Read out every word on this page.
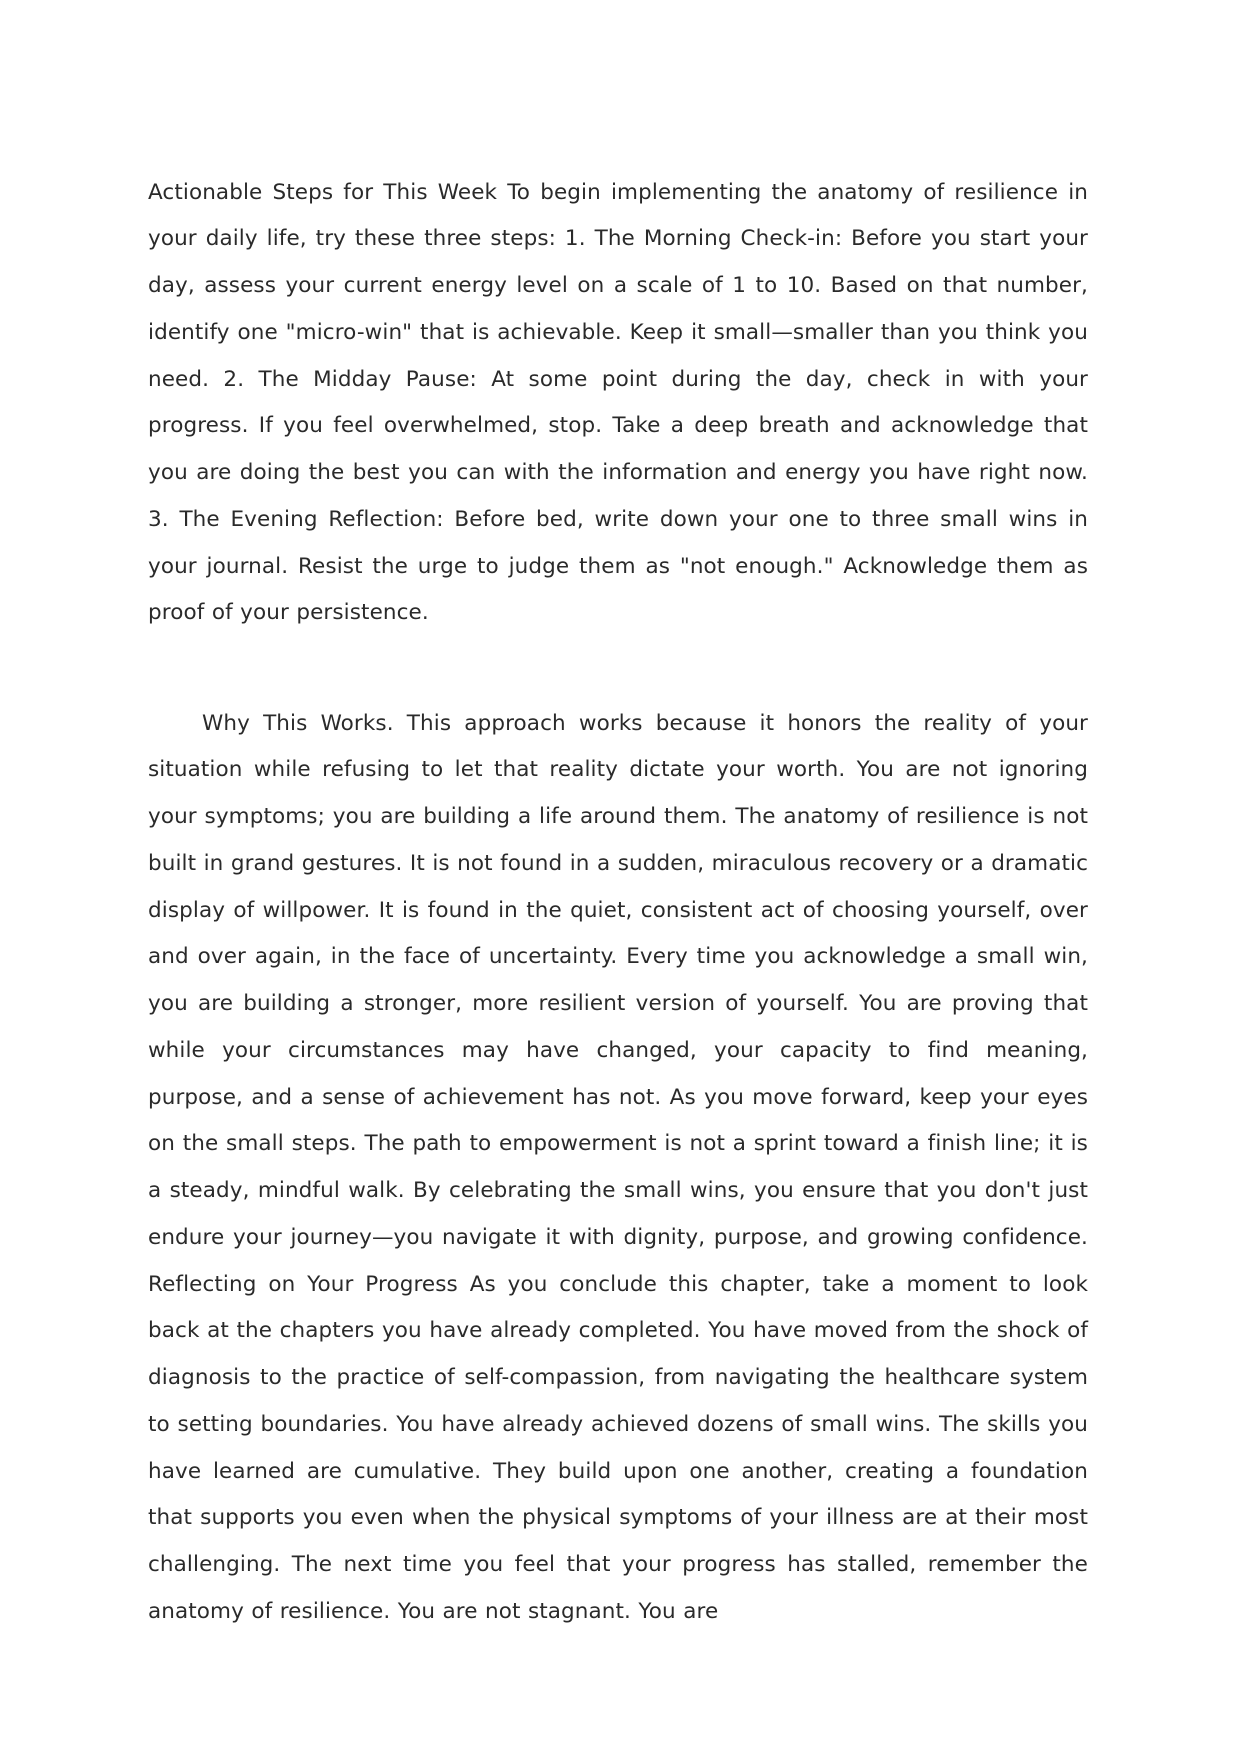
Actionable Steps for This Week To begin implementing the anatomy of resilience in your daily life, try these three steps: 1. The Morning Check-in: Before you start your day, assess your current energy level on a scale of 1 to 10. Based on that number, identify one "micro-win" that is achievable. Keep it small—smaller than you think you need. 2. The Midday Pause: At some point during the day, check in with your progress. If you feel overwhelmed, stop. Take a deep breath and acknowledge that you are doing the best you can with the information and energy you have right now. 3. The Evening Reflection: Before bed, write down your one to three small wins in your journal. Resist the urge to judge them as "not enough." Acknowledge them as proof of your persistence.

Why This Works. This approach works because it honors the reality of your situation while refusing to let that reality dictate your worth. You are not ignoring your symptoms; you are building a life around them. The anatomy of resilience is not built in grand gestures. It is not found in a sudden, miraculous recovery or a dramatic display of willpower. It is found in the quiet, consistent act of choosing yourself, over and over again, in the face of uncertainty. Every time you acknowledge a small win, you are building a stronger, more resilient version of yourself. You are proving that while your circumstances may have changed, your capacity to find meaning, purpose, and a sense of achievement has not. As you move forward, keep your eyes on the small steps. The path to empowerment is not a sprint toward a finish line; it is a steady, mindful walk. By celebrating the small wins, you ensure that you don't just endure your journey—you navigate it with dignity, purpose, and growing confidence. Reflecting on Your Progress As you conclude this chapter, take a moment to look back at the chapters you have already completed. You have moved from the shock of diagnosis to the practice of self-compassion, from navigating the healthcare system to setting boundaries. You have already achieved dozens of small wins. The skills you have learned are cumulative. They build upon one another, creating a foundation that supports you even when the physical symptoms of your illness are at their most challenging. The next time you feel that your progress has stalled, remember the anatomy of resilience. You are not stagnant. You are
